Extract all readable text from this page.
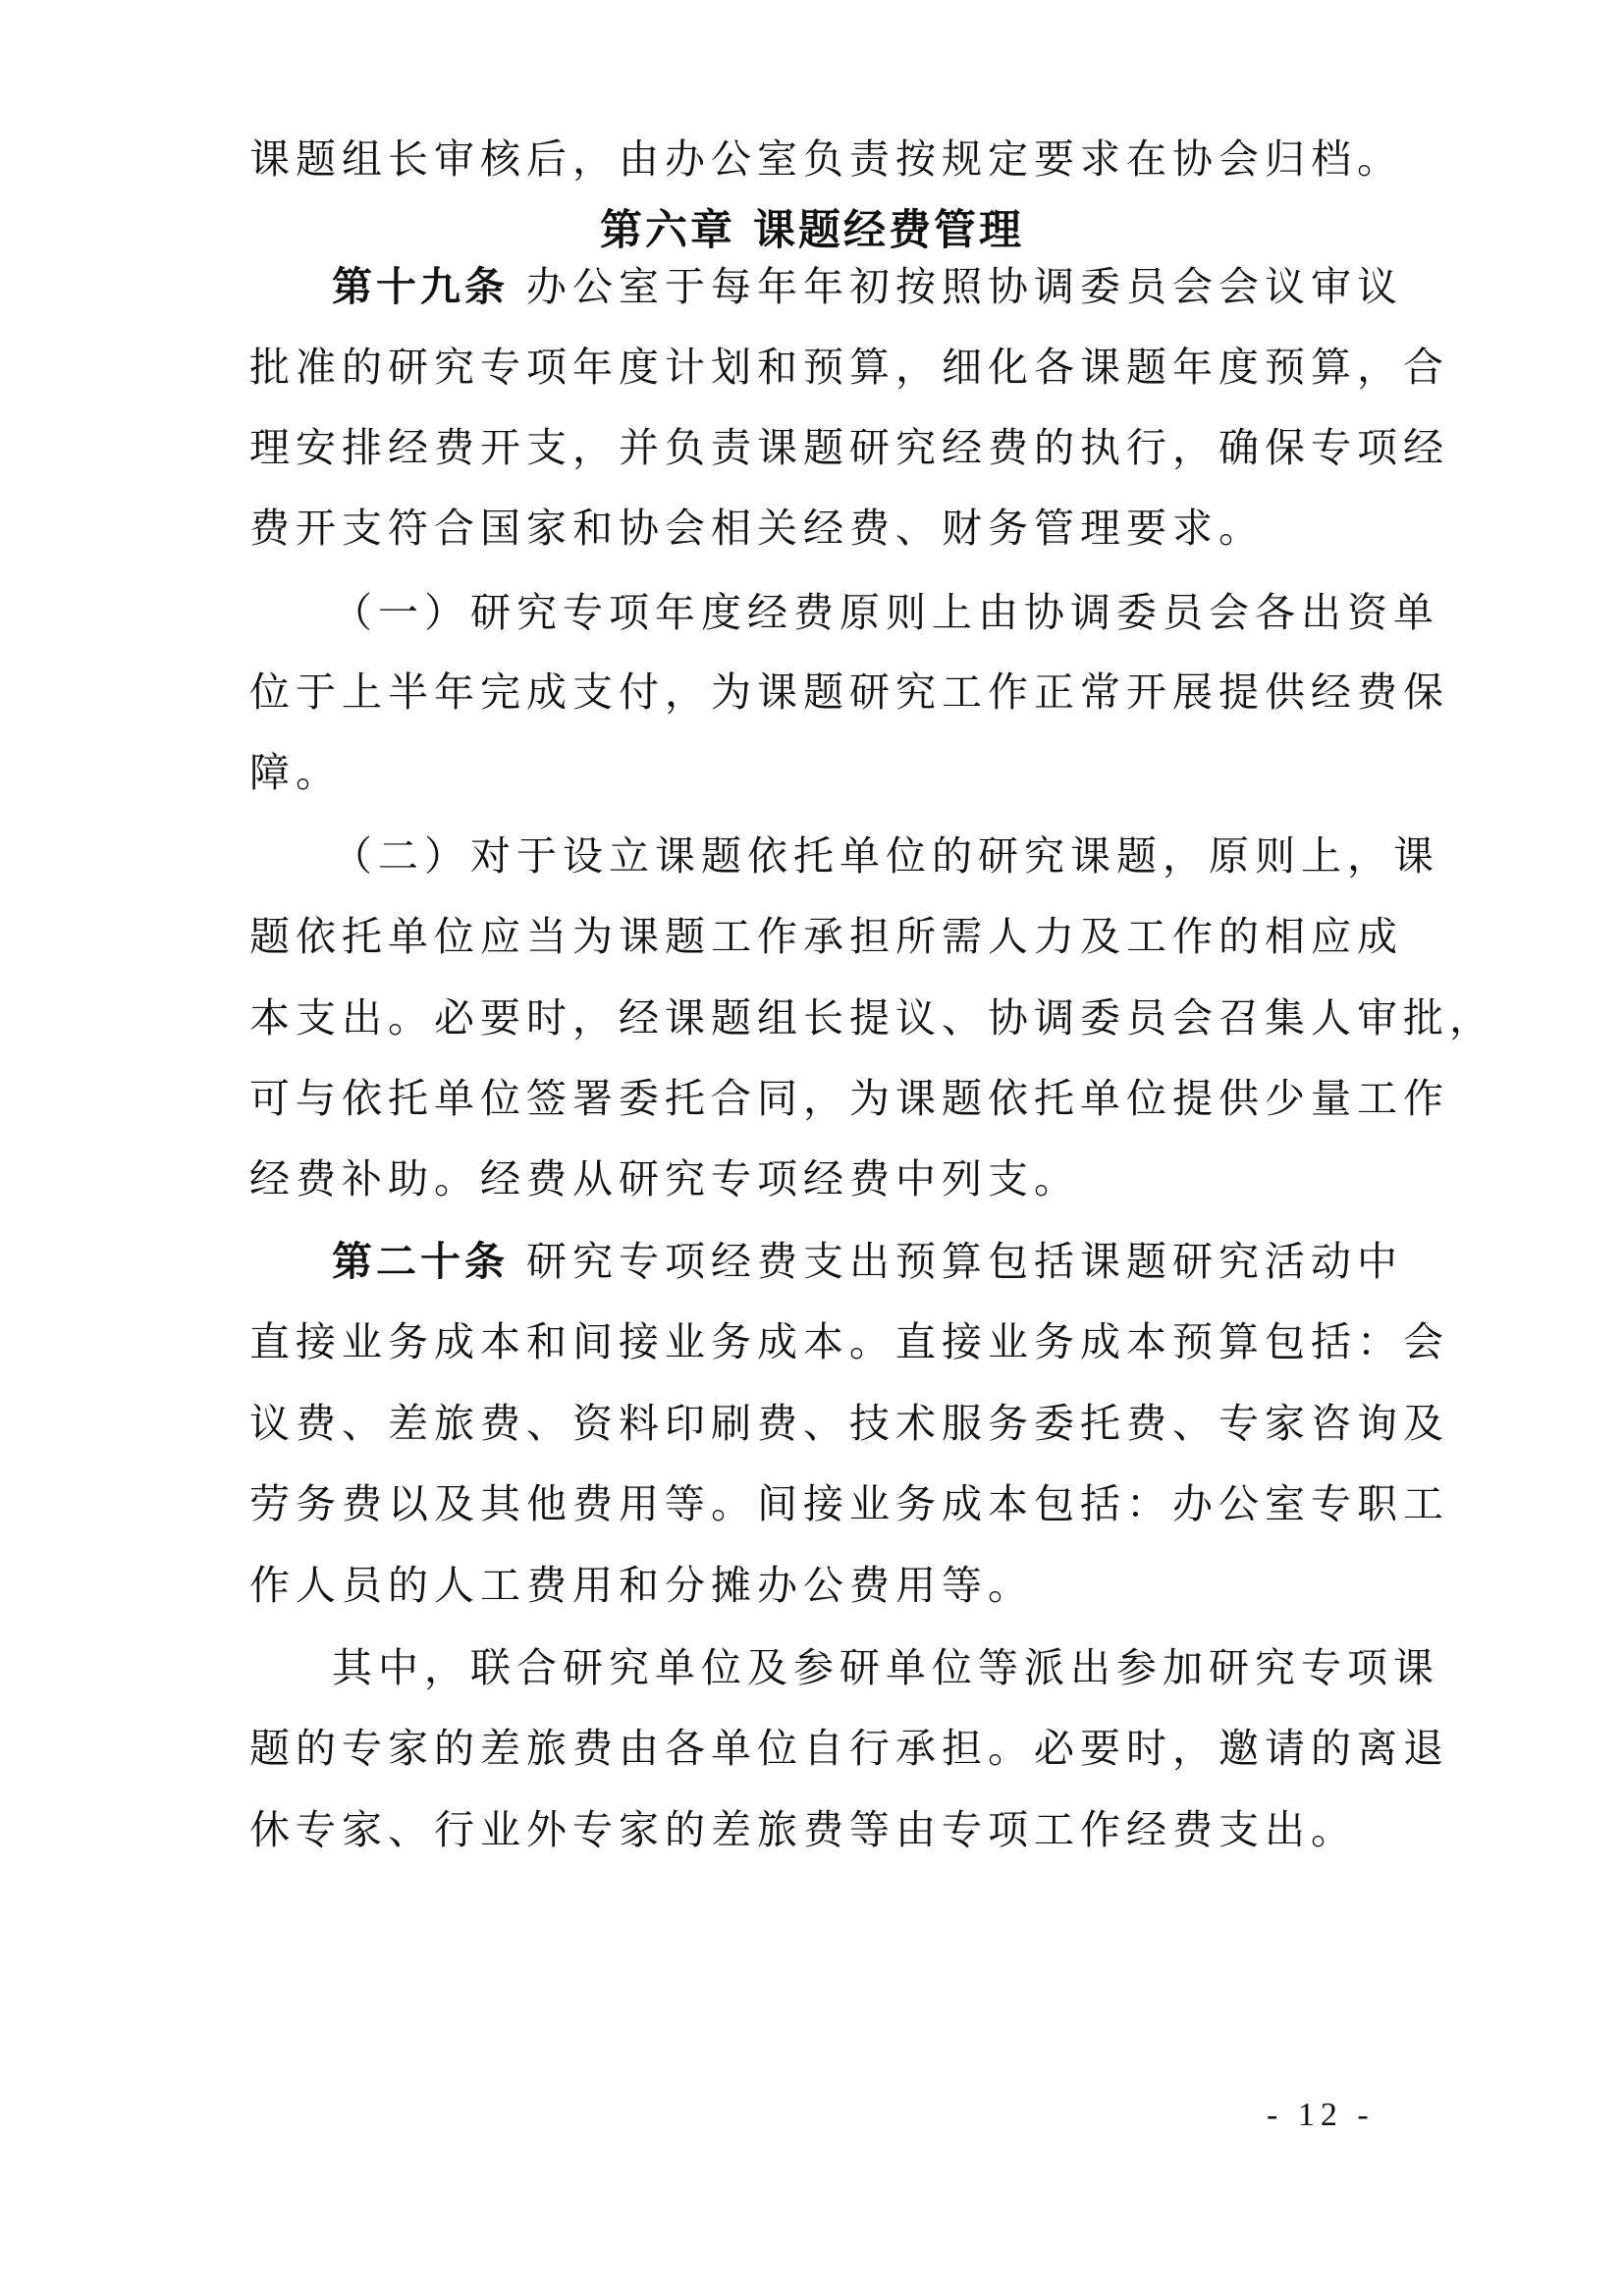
课题组长审核后，由办公室负责按规定要求在协会归档。
第六章 课题经费管理
第十九条 办公室于每年年初按照协调委员会会议审议
批准的研究专项年度计划和预算，细化各课题年度预算，合
理安排经费开支，并负责课题研究经费的执行，确保专项经
费开支符合国家和协会相关经费、财务管理要求。
（一）研究专项年度经费原则上由协调委员会各出资单
位于上半年完成支付，为课题研究工作正常开展提供经费保
障。
（二）对于设立课题依托单位的研究课题，原则上，课
题依托单位应当为课题工作承担所需人力及工作的相应成
本支出。必要时，经课题组长提议、协调委员会召集人审批，
可与依托单位签署委托合同，为课题依托单位提供少量工作
经费补助。经费从研究专项经费中列支。
第二十条 研究专项经费支出预算包括课题研究活动中
直接业务成本和间接业务成本。直接业务成本预算包括：会
议费、差旅费、资料印刷费、技术服务委托费、专家咨询及
劳务费以及其他费用等。间接业务成本包括：办公室专职工
作人员的人工费用和分摊办公费用等。
其中，联合研究单位及参研单位等派出参加研究专项课
题的专家的差旅费由各单位自行承担。必要时，邀请的离退
休专家、行业外专家的差旅费等由专项工作经费支出。
- 12 -
